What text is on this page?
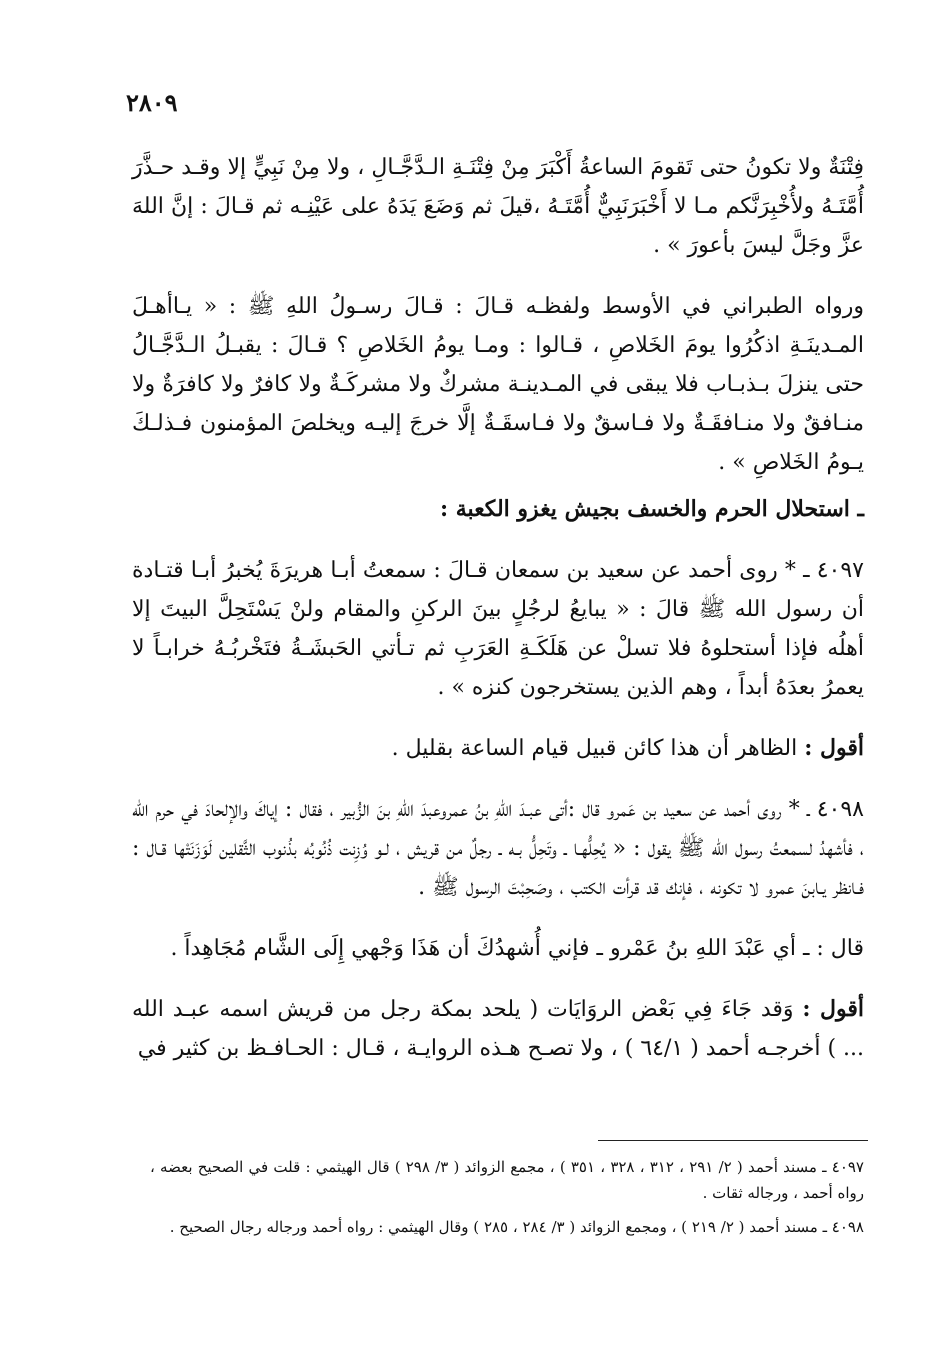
٢٨٠٩

فِتْنَةٌ ولا تكونُ حتى تَقومَ الساعةُ أَكْبَرَ مِنْ فِتْنَـةِ الـدَّجَّـالِ ، ولا مِنْ نَبِيٍّ إلا وقـد حـذَّرَ أُمَّتَـهُ ولأُخْبِرَنَّكم مـا لا أَخْبَرَنَبِيٌّ أُمَّتَـهُ ،قيلَ ثم وَضَعَ يَدَهُ على عَيْنِـه ثم قـالَ : إنَّ اللهَ عزَّ وجَلَّ ليسَ بأعورَ » .

ورواه الطبراني في الأوسط ولفظـه قـالَ : قـالَ رسـولُ اللهِ ﷺ : « يـاأهـلَ المـدينَـةِ اذكُرُوا يومَ الخَلاصِ ، قـالوا : ومـا يومُ الخَلاصِ ؟ قـالَ : يقبـلُ الـدَّجَّـالُ حتى ينزلَ بـذبـاب فلا يبقى في المـدينـة مشركٌ ولا مشركَـةٌ ولا كافرٌ ولا كافرَةٌ ولا منـافقٌ ولا منـافقَـةٌ ولا فـاسقٌ ولا فـاسقَـةٌ إلَّا خرجَ إليـه ويخلصَ المؤمنون فـذلـكَ يـومُ الخَلاصِ » .

ـ استحلال الحرم والخسف بجيش يغزو الكعبة :

٤٠٩٧ ـ * روى أحمد عن سعيد بن سمعان قـالَ : سمعتُ أبـا هريرَةَ يُخبرُ أبـا قتـادة أن رسول الله ﷺ قالَ : « يبايعُ لرجُلٍ بينَ الركنِ والمقام ولنْ يَسْتَحِلَّ البيتَ إلا أهلُه فإذا أستحلوهُ فلا تسلْ عن هَلَكَـةِ العَرَبِ ثم تـأتي الحَبشَـةُ فتَخْربُـهُ خرابـاً لا يعمرُ بعدَهُ أبداً ، وهم الذين يستخرجون كنزه » .

أقول : الظاهر أن هذا كائن قبيل قيام الساعة بقليل .

٤٠٩٨ ـ * روى أحمد عن سعيد بن عَمرو قال :أتى عبـدَ اللهِ بنُ عمروعبدَ اللهِ بنَ الزُّبير ، فقال : إياكَ والإلحادَ في حرم الله ، فأشهدُ لسمعتُ رسول الله ﷺ يقول : « يُحِلُّهـا ـ وتَحِلُّ بـه ـ رجلٌ من قريش ، لـو وُزِنت ذُنُوبُه بذُنوب الثَّقلين لَوَزَنَتْها قـال : فـانظر يـابنَ عمرو لا تكونه ، فإنك قد قرأت الكتب ، وصَحِبْتَ الرسول ﷺ .

قال : ـ أي عَبْدَ اللهِ بنُ عَمْرو ـ فإني أُشهدُكَ أن هَذَا وَجْهي إِلَى الشَّام مُجَاهِداً .

أقول : وَقد جَاءَ فِي بَعْض الروَايَات ( يلحد بمكة رجل من قريش اسمه عبـد الله ... ) أخرجـه أحمد ( ٦٤/١ ) ، ولا تصـح هـذه الروايـة ، قـال : الحـافـظ بن كثير في

٤٠٩٧ ـ مسند أحمد ( ٢/ ٢٩١ ، ٣١٢ ، ٣٢٨ ، ٣٥١ ) ، مجمع الزوائد ( ٣/ ٢٩٨ ) قال الهيثمي : قلت في الصحيح بعضه ، رواه أحمد ، ورجاله ثقات .

٤٠٩٨ ـ مسند أحمد ( ٢/ ٢١٩ ) ، ومجمع الزوائد ( ٣/ ٢٨٤ ، ٢٨٥ ) وقال الهيثمي : رواه أحمد ورجاله رجال الصحيح .
